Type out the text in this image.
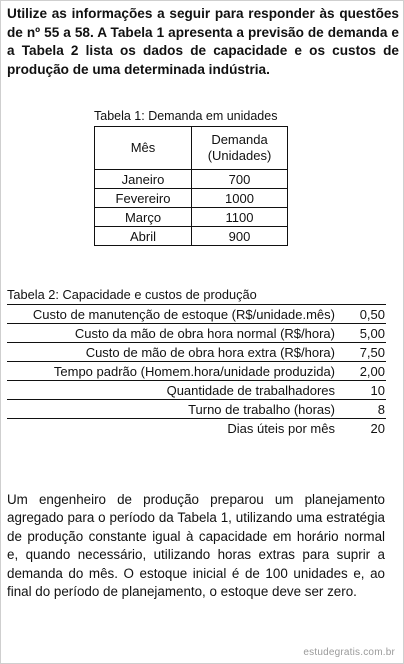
Utilize as informações a seguir para responder às questões de nº 55 a 58. A Tabela 1 apresenta a previsão de demanda e a Tabela 2 lista os dados de capacidade e os custos de produção de uma determinada indústria.

Tabela 1: Demanda em unidades
Mês	Demanda (Unidades)
Janeiro	700
Fevereiro	1000
Março	1100
Abril	900
Tabela 2: Capacidade e custos de produção
Custo de manutenção de estoque (R$/unidade.mês)	0,50
Custo da mão de obra hora normal (R$/hora)	5,00
Custo de mão de obra hora extra (R$/hora)	7,50
Tempo padrão (Homem.hora/unidade produzida)	2,00
Quantidade de trabalhadores	10
Turno de trabalho (horas)	8
Dias úteis por mês	20

Um engenheiro de produção preparou um planejamento agregado para o período da Tabela 1, utilizando uma estratégia de produção constante igual à capacidade em horário normal e, quando necessário, utilizando horas extras para suprir a demanda do mês. O estoque inicial é de 100 unidades e, ao final do período de planejamento, o estoque deve ser zero.

estudegratis.com.br
